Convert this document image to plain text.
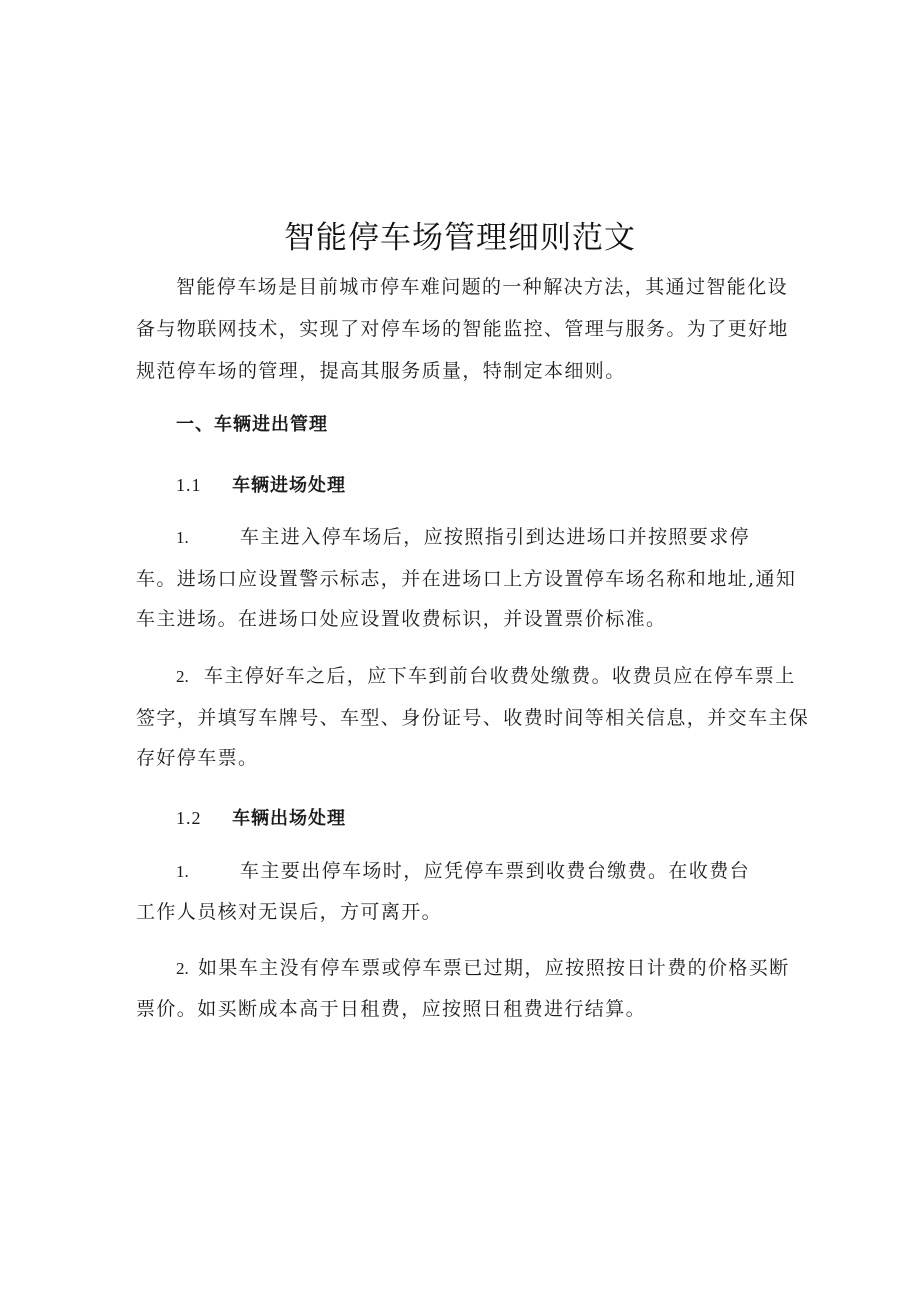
智能停车场管理细则范文
智能停车场是目前城市停车难问题的一种解决方法，其通过智能化设
备与物联网技术，实现了对停车场的智能监控、管理与服务。为了更好地
规范停车场的管理，提高其服务质量，特制定本细则。
一、车辆进出管理
1.1 车辆进场处理
1.	车主进入停车场后，应按照指引到达进场口并按照要求停
车。进场口应设置警示标志，并在进场口上方设置停车场名称和地址,通知
车主进场。在进场口处应设置收费标识，并设置票价标准。
2. 车主停好车之后，应下车到前台收费处缴费。收费员应在停车票上
签字，并填写车牌号、车型、身份证号、收费时间等相关信息，并交车主保
存好停车票。
1.2 车辆出场处理
1.	车主要出停车场时，应凭停车票到收费台缴费。在收费台
工作人员核对无误后，方可离开。
2. 如果车主没有停车票或停车票已过期，应按照按日计费的价格买断
票价。如买断成本高于日租费，应按照日租费进行结算。
